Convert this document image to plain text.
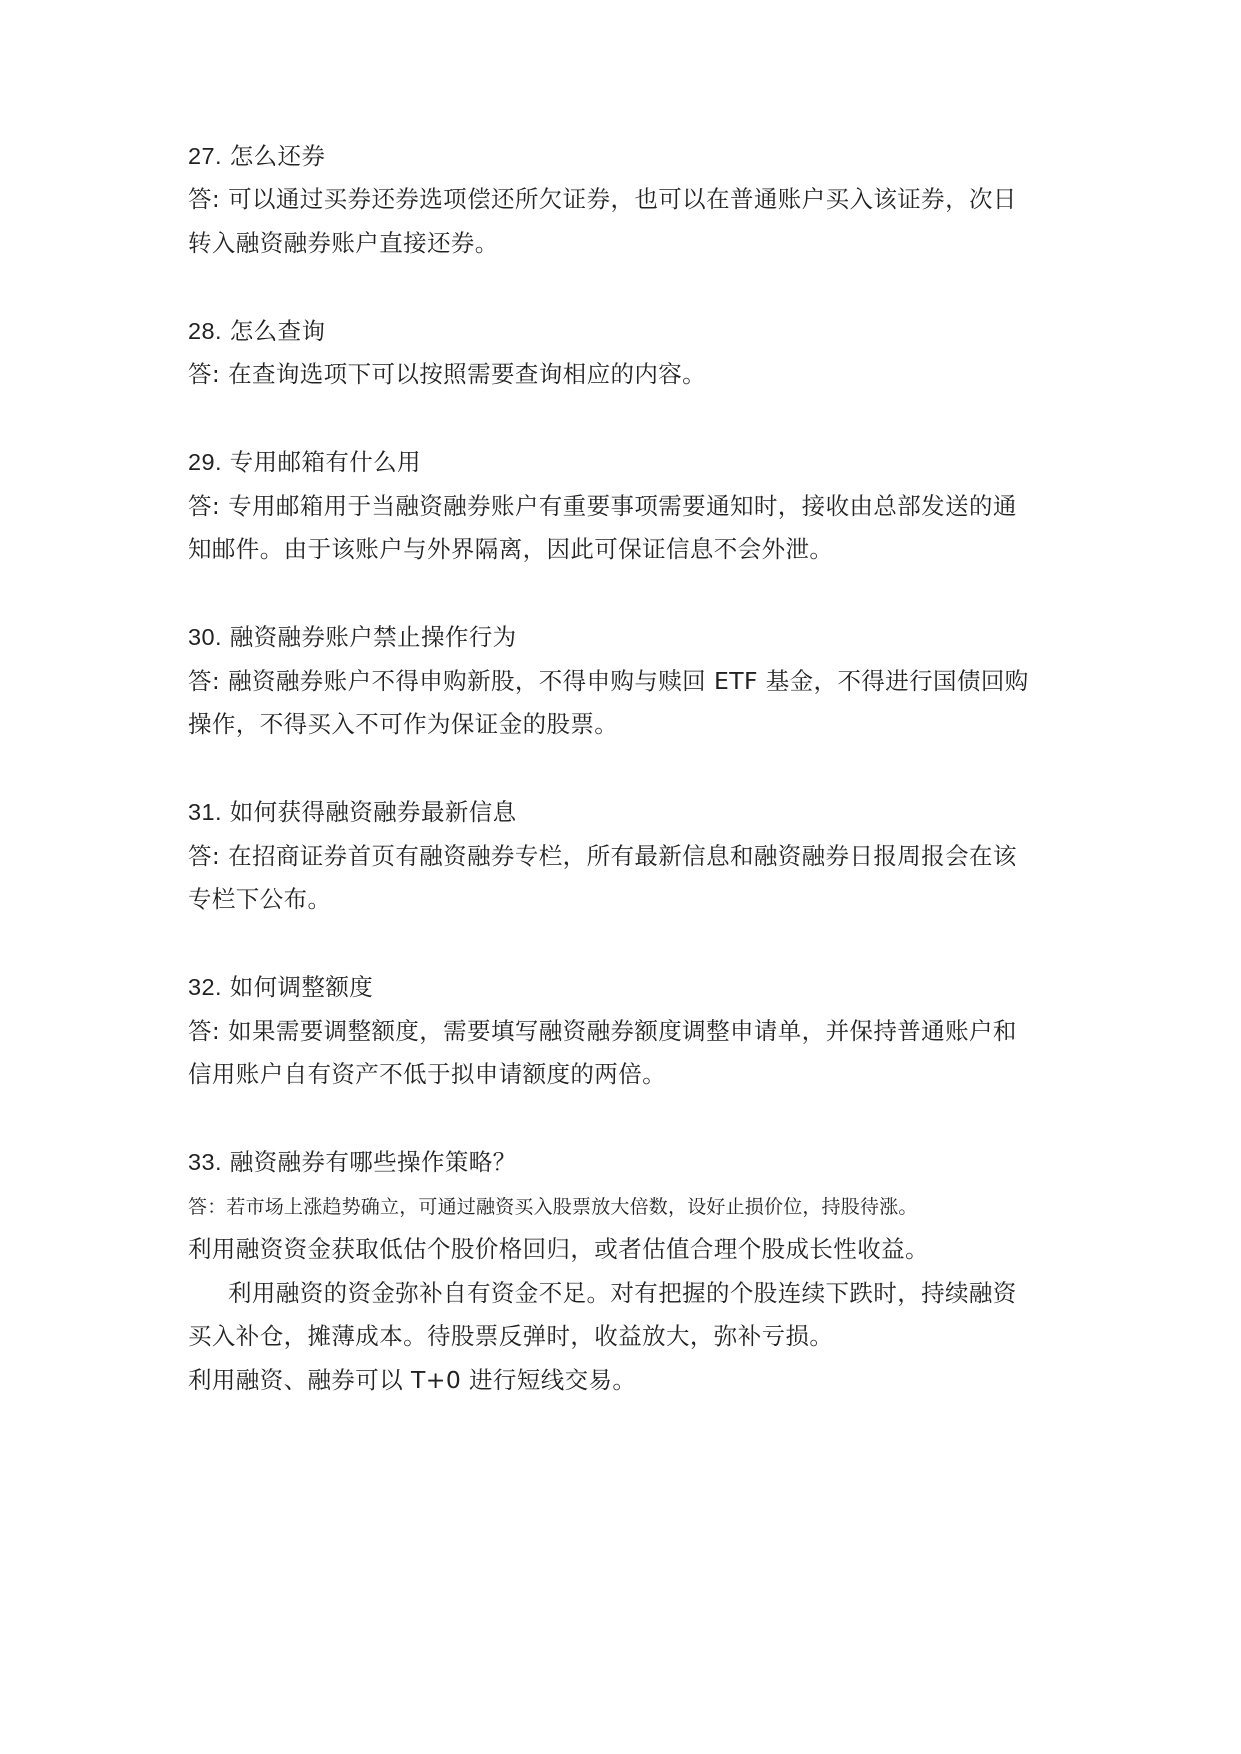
27. 怎么还券

答: 可以通过买券还券选项偿还所欠证券，也可以在普通账户买入该证券，次日

转入融资融券账户直接还券。

28. 怎么查询

答: 在查询选项下可以按照需要查询相应的内容。

29. 专用邮箱有什么用

答: 专用邮箱用于当融资融券账户有重要事项需要通知时，接收由总部发送的通

知邮件。由于该账户与外界隔离，因此可保证信息不会外泄。

30. 融资融券账户禁止操作行为

答: 融资融券账户不得申购新股，不得申购与赎回 ETF 基金，不得进行国债回购

操作，不得买入不可作为保证金的股票。

31. 如何获得融资融券最新信息

答: 在招商证券首页有融资融券专栏，所有最新信息和融资融券日报周报会在该

专栏下公布。

32. 如何调整额度

答: 如果需要调整额度，需要填写融资融券额度调整申请单，并保持普通账户和

信用账户自有资产不低于拟申请额度的两倍。

33. 融资融券有哪些操作策略？

答：若市场上涨趋势确立，可通过融资买入股票放大倍数，设好止损价位，持股待涨。

利用融资资金获取低估个股价格回归，或者估值合理个股成长性收益。

利用融资的资金弥补自有资金不足。对有把握的个股连续下跌时，持续融资

买入补仓，摊薄成本。待股票反弹时，收益放大，弥补亏损。

利用融资、融券可以 T+0 进行短线交易。
